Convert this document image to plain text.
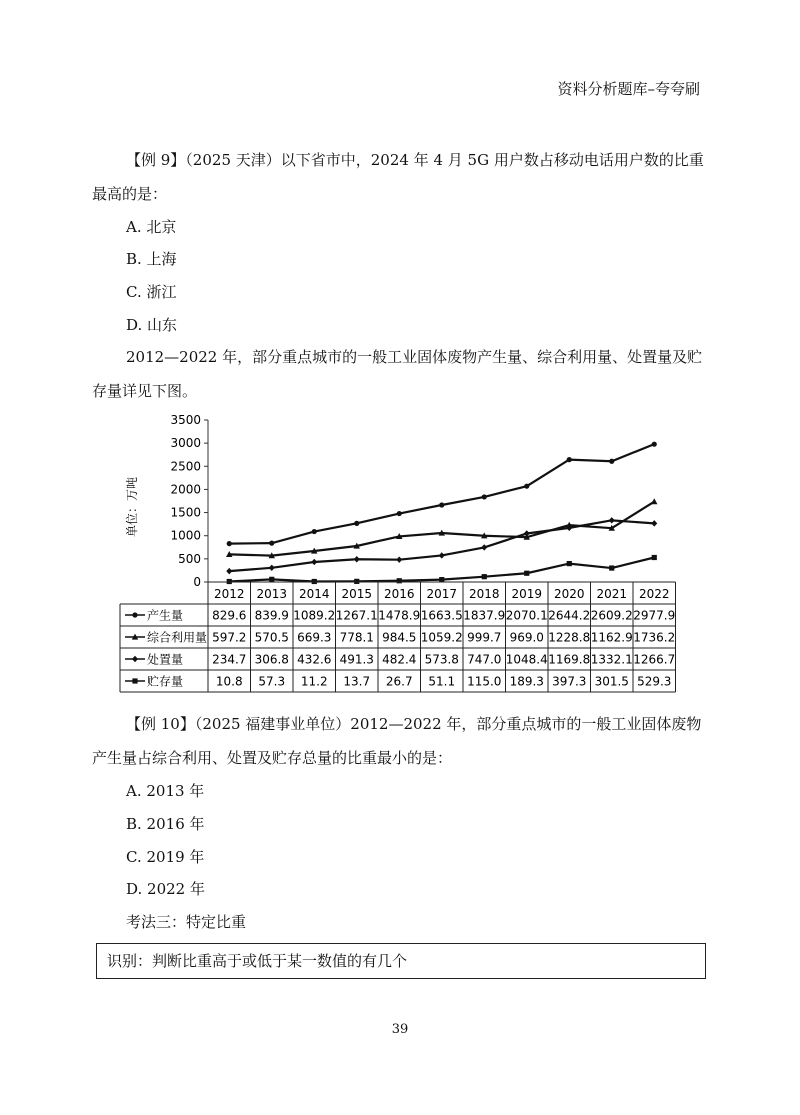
资料分析题库–夸夸刷
【例 9】（2025 天津）以下省市中，2024 年 4 月 5G 用户数占移动电话用户数的比重最高的是：
A. 北京
B. 上海
C. 浙江
D. 山东
2012—2022 年，部分重点城市的一般工业固体废物产生量、综合利用量、处置量及贮存量详见下图。
0
500
1000
1500
2000
2500
3000
3500
单位：万吨
2012 2013 2014 2015 2016 2017 2018 2019 2020 2021 2022
产生量 829.6 839.9 1089.2 1267.1 1478.9 1663.5 1837.9 2070.1 2644.2 2609.2 2977.9
综合利用量 597.2 570.5 669.3 778.1 984.5 1059.2 999.7 969.0 1228.8 1162.9 1736.2
处置量 234.7 306.8 432.6 491.3 482.4 573.8 747.0 1048.4 1169.8 1332.1 1266.7
贮存量	10.8 57.3 11.2 13.7 26.7 51.1 115.0 189.3 397.3 301.5 529.3
【例 10】（2025 福建事业单位）2012—2022 年，部分重点城市的一般工业固体废物产生量占综合利用、处置及贮存总量的比重最小的是：
A. 2013 年
B. 2016 年
C. 2019 年
D. 2022 年
考法三：特定比重
识别：判断比重高于或低于某一数值的有几个
39
